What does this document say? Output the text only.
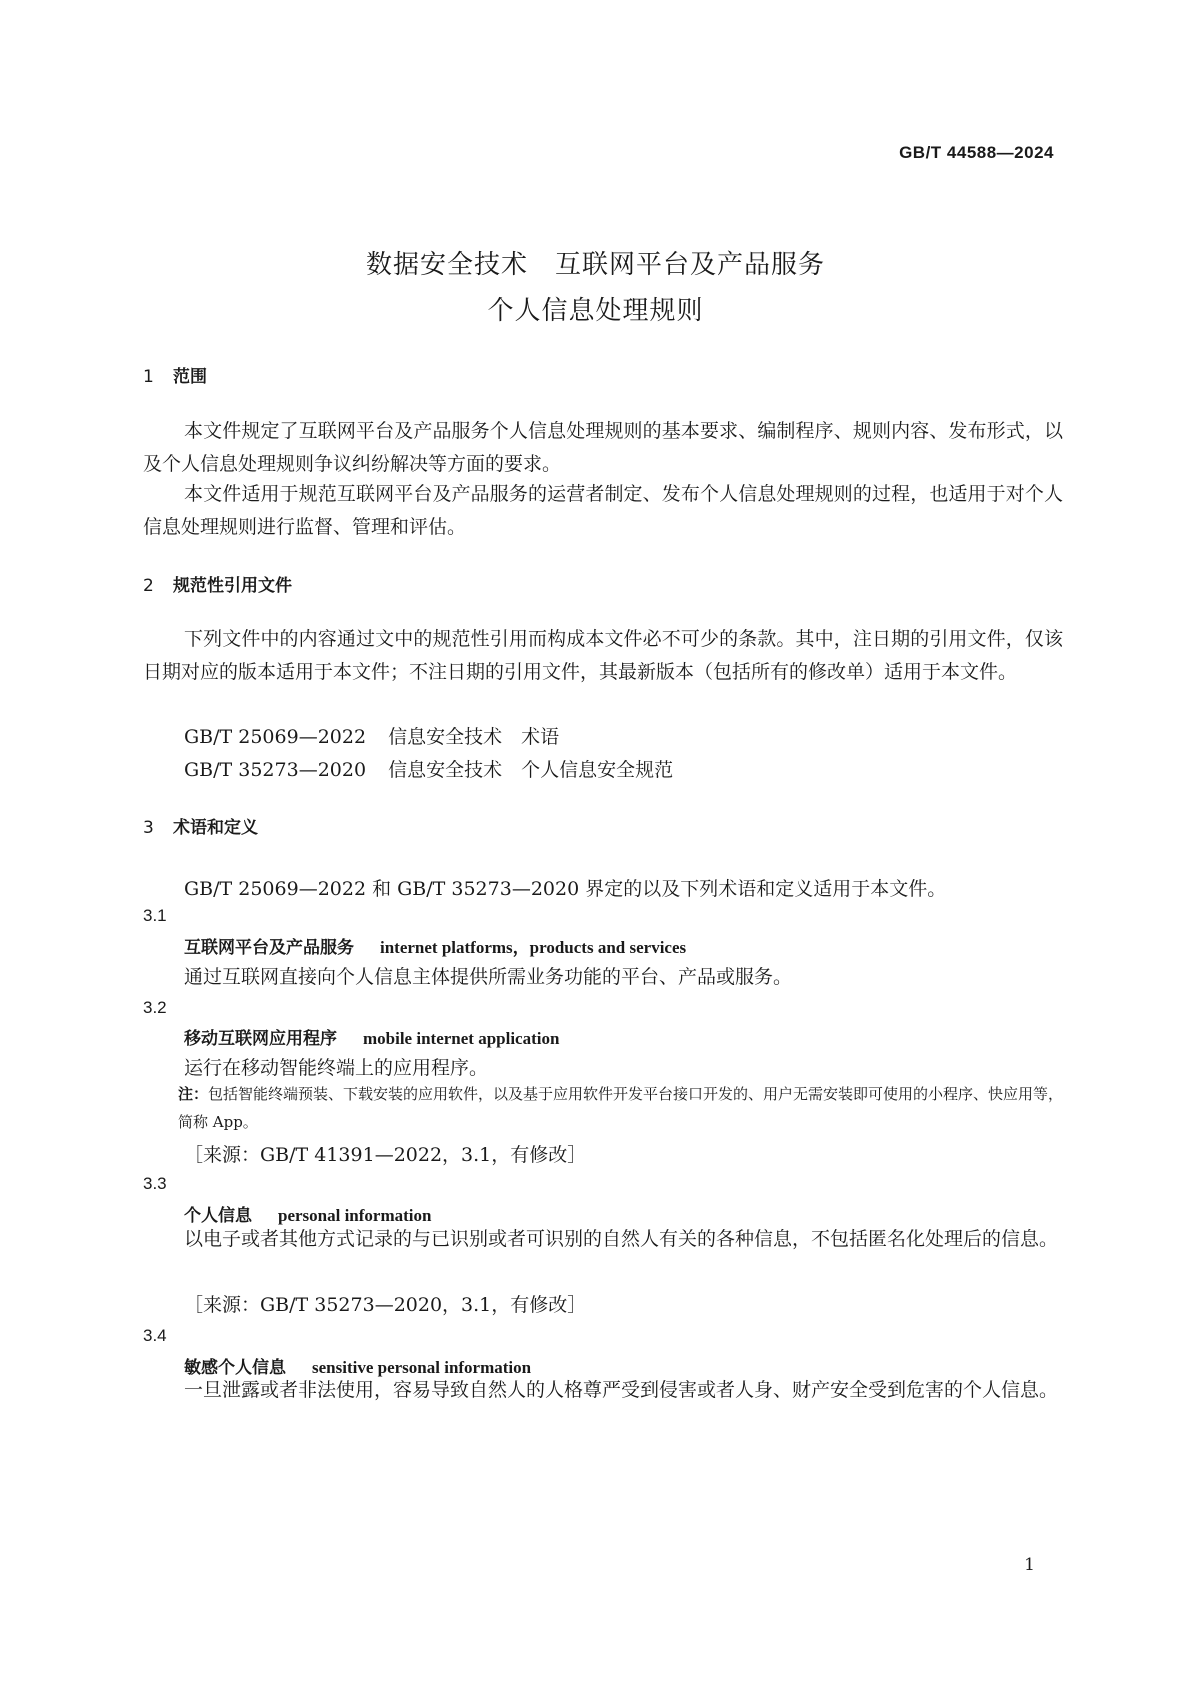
GB/T 44588—2024
数据安全技术　互联网平台及产品服务
个人信息处理规则
1 范围
本文件规定了互联网平台及产品服务个人信息处理规则的基本要求、编制程序、规则内容、发布形式，以及个人信息处理规则争议纠纷解决等方面的要求。
本文件适用于规范互联网平台及产品服务的运营者制定、发布个人信息处理规则的过程，也适用于对个人信息处理规则进行监督、管理和评估。
2 规范性引用文件
下列文件中的内容通过文中的规范性引用而构成本文件必不可少的条款。其中，注日期的引用文件，仅该日期对应的版本适用于本文件；不注日期的引用文件，其最新版本（包括所有的修改单）适用于本文件。
GB/T 25069—2022 信息安全技术　术语
GB/T 35273—2020 信息安全技术　个人信息安全规范
3 术语和定义
GB/T 25069—2022 和 GB/T 35273—2020 界定的以及下列术语和定义适用于本文件。
3.1
互联网平台及产品服务 internet platforms，products and services
通过互联网直接向个人信息主体提供所需业务功能的平台、产品或服务。
3.2
移动互联网应用程序 mobile internet application
运行在移动智能终端上的应用程序。
注：包括智能终端预装、下载安装的应用软件，以及基于应用软件开发平台接口开发的、用户无需安装即可使用的小程序、快应用等，简称 App。
［来源：GB/T 41391—2022，3.1，有修改］
3.3
个人信息 personal information
以电子或者其他方式记录的与已识别或者可识别的自然人有关的各种信息，不包括匿名化处理后的信息。
［来源：GB/T 35273—2020，3.1，有修改］
3.4
敏感个人信息 sensitive personal information
一旦泄露或者非法使用，容易导致自然人的人格尊严受到侵害或者人身、财产安全受到危害的个人信息。
1
